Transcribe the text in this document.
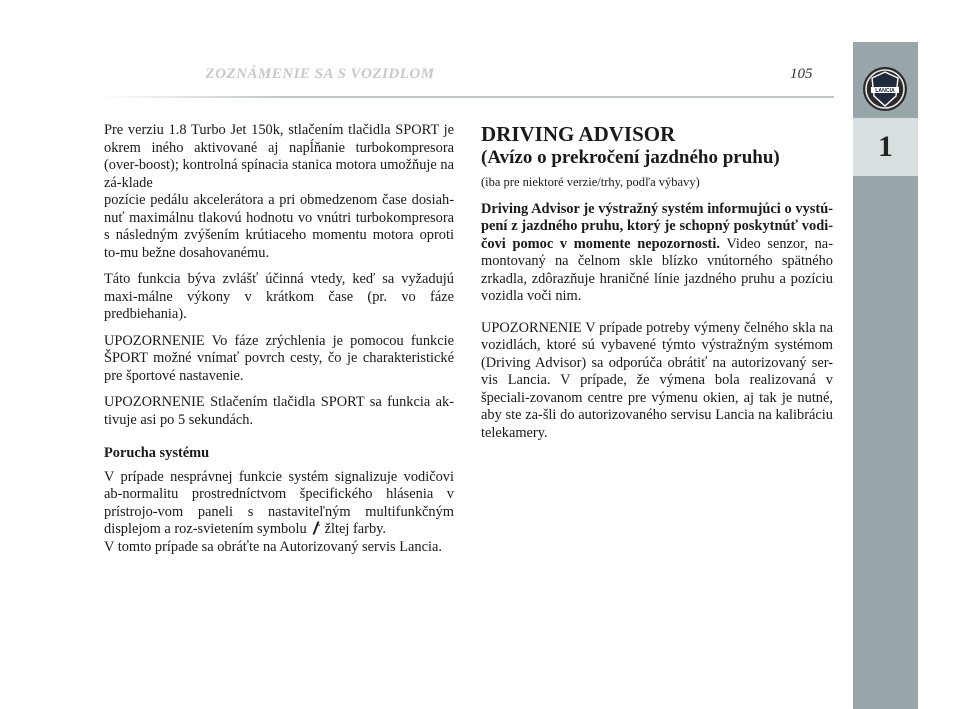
ZOZNÁMENIE SA S VOZIDLOM	105
LANCIA
1

Pre verziu 1.8 Turbo Jet 150k, stlačením tlačidla SPORT je okrem iného aktivované aj napĺňanie turbokompresora (over-boost); kontrolná spínacia stanica motora umožňuje na zá-klade

pozície pedálu akcelerátora a pri obmedzenom čase dosiah-nuť maximálnu tlakovú hodnotu vo vnútri turbokompresora s následným zvýšením krútiaceho momentu motora oproti to-mu bežne dosahovanému.

Táto funkcia býva zvlášť účinná vtedy, keď sa vyžadujú maxi-málne výkony v krátkom čase (pr. vo fáze predbiehania).

UPOZORNENIE Vo fáze zrýchlenia je pomocou funkcie ŠPORT možné vnímať povrch cesty, čo je charakteristické pre športové nastavenie.

UPOZORNENIE Stlačením tlačidla SPORT sa funkcia ak-tivuje asi po 5 sekundách.

Porucha systému

V prípade nesprávnej funkcie systém signalizuje vodičovi ab-normalitu prostredníctvom špecifického hlásenia v prístrojo-vom paneli s nastaviteľným multifunkčným displejom a roz-svietením symbolu žltej farby.

V tomto prípade sa obráťte na Autorizovaný servis Lancia.

DRIVING ADVISOR
(Avízo o prekročení jazdného pruhu)

(iba pre niektoré verzie/trhy, podľa výbavy)

Driving Advisor je výstražný systém informujúci o vystú-pení z jazdného pruhu, ktorý je schopný poskytnúť vodi-čovi pomoc v momente nepozornosti. Video senzor, na-montovaný na čelnom skle blízko vnútorného spätného zrkadla, zdôrazňuje hraničné línie jazdného pruhu a pozíciu vozidla voči nim.

UPOZORNENIE V prípade potreby výmeny čelného skla na vozidlách, ktoré sú vybavené týmto výstražným systémom (Driving Advisor) sa odporúča obrátiť na autorizovaný ser-vis Lancia. V prípade, že výmena bola realizovaná v špeciali-zovanom centre pre výmenu okien, aj tak je nutné, aby ste za-šli do autorizovaného servisu Lancia na kalibráciu telekamery.
